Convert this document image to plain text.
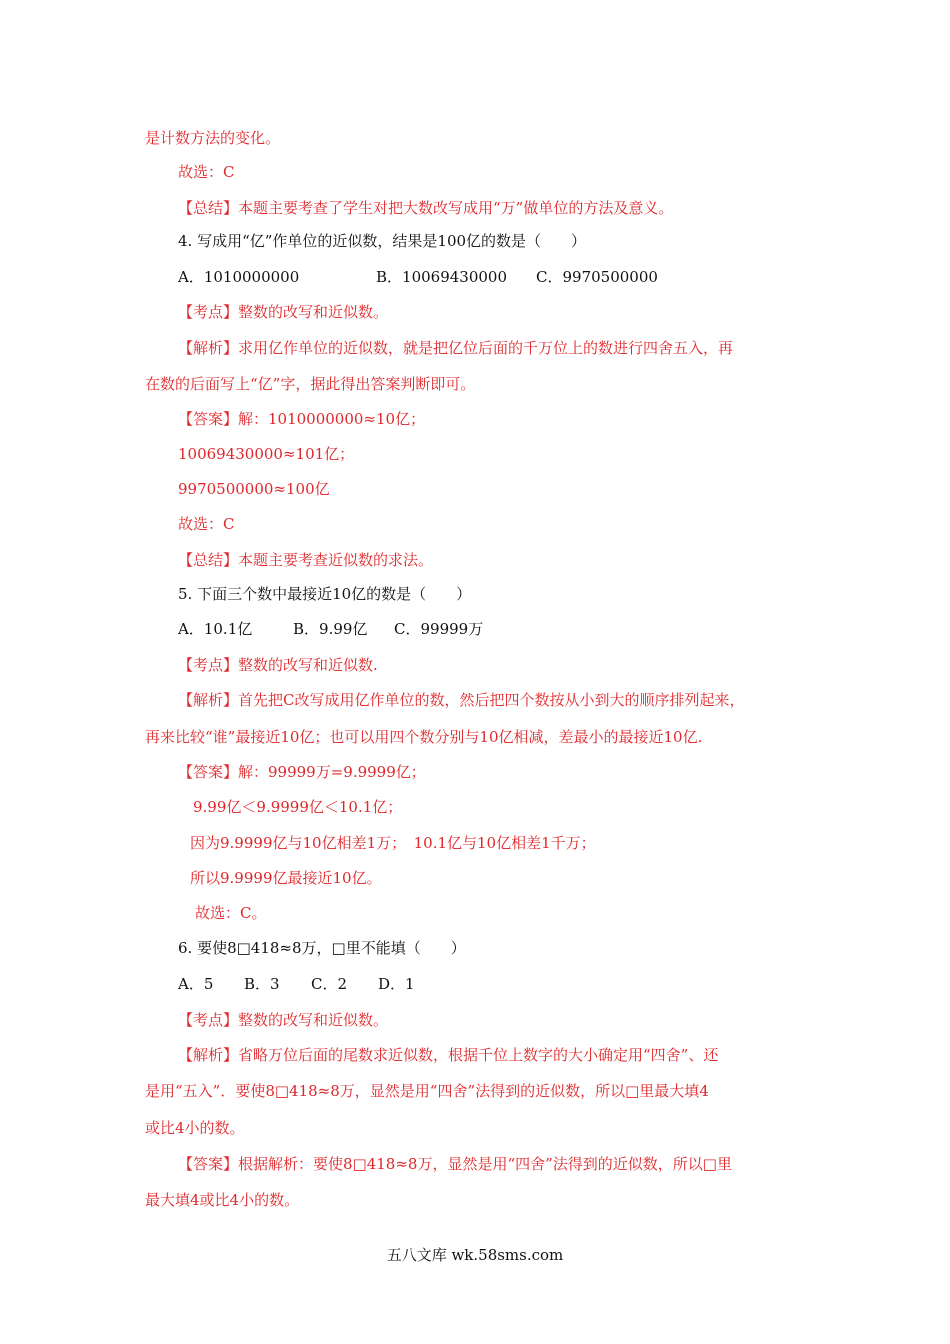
是计数方法的变化。
故选：C
【总结】本题主要考查了学生对把大数改写成用“万”做单位的方法及意义。
4. 写成用“亿”作单位的近似数，结果是100亿的数是（　　）
A．1010000000	B．10069430000 C．9970500000
【考点】整数的改写和近似数。
【解析】求用亿作单位的近似数，就是把亿位后面的千万位上的数进行四舍五入，再
在数的后面写上“亿”字，据此得出答案判断即可。
【答案】解：1010000000≈10亿；
10069430000≈101亿；
9970500000≈100亿
故选：C
【总结】本题主要考查近似数的求法。
5. 下面三个数中最接近10亿的数是（　　）
A．10.1亿	B．9.99亿 C．99999万
【考点】整数的改写和近似数.
【解析】首先把C改写成用亿作单位的数，然后把四个数按从小到大的顺序排列起来，
再来比较“谁”最接近10亿；也可以用四个数分别与10亿相减，差最小的最接近10亿.
【答案】解：99999万=9.9999亿；
9.99亿＜9.9999亿＜10.1亿；
因为9.9999亿与10亿相差1万；　10.1亿与10亿相差1千万；
所以9.9999亿最接近10亿。
故选：C。
6. 要使8□418≈8万，□里不能填（　　）
A．5 B．3 C．2 D．1
【考点】整数的改写和近似数。
【解析】省略万位后面的尾数求近似数，根据千位上数字的大小确定用“四舍”、还
是用“五入”．要使8□418≈8万，显然是用“四舍”法得到的近似数，所以□里最大填4
或比4小的数。
【答案】根据解析：要使8□418≈8万，显然是用“四舍”法得到的近似数，所以□里
最大填4或比4小的数。
五八文库 wk.58sms.com
